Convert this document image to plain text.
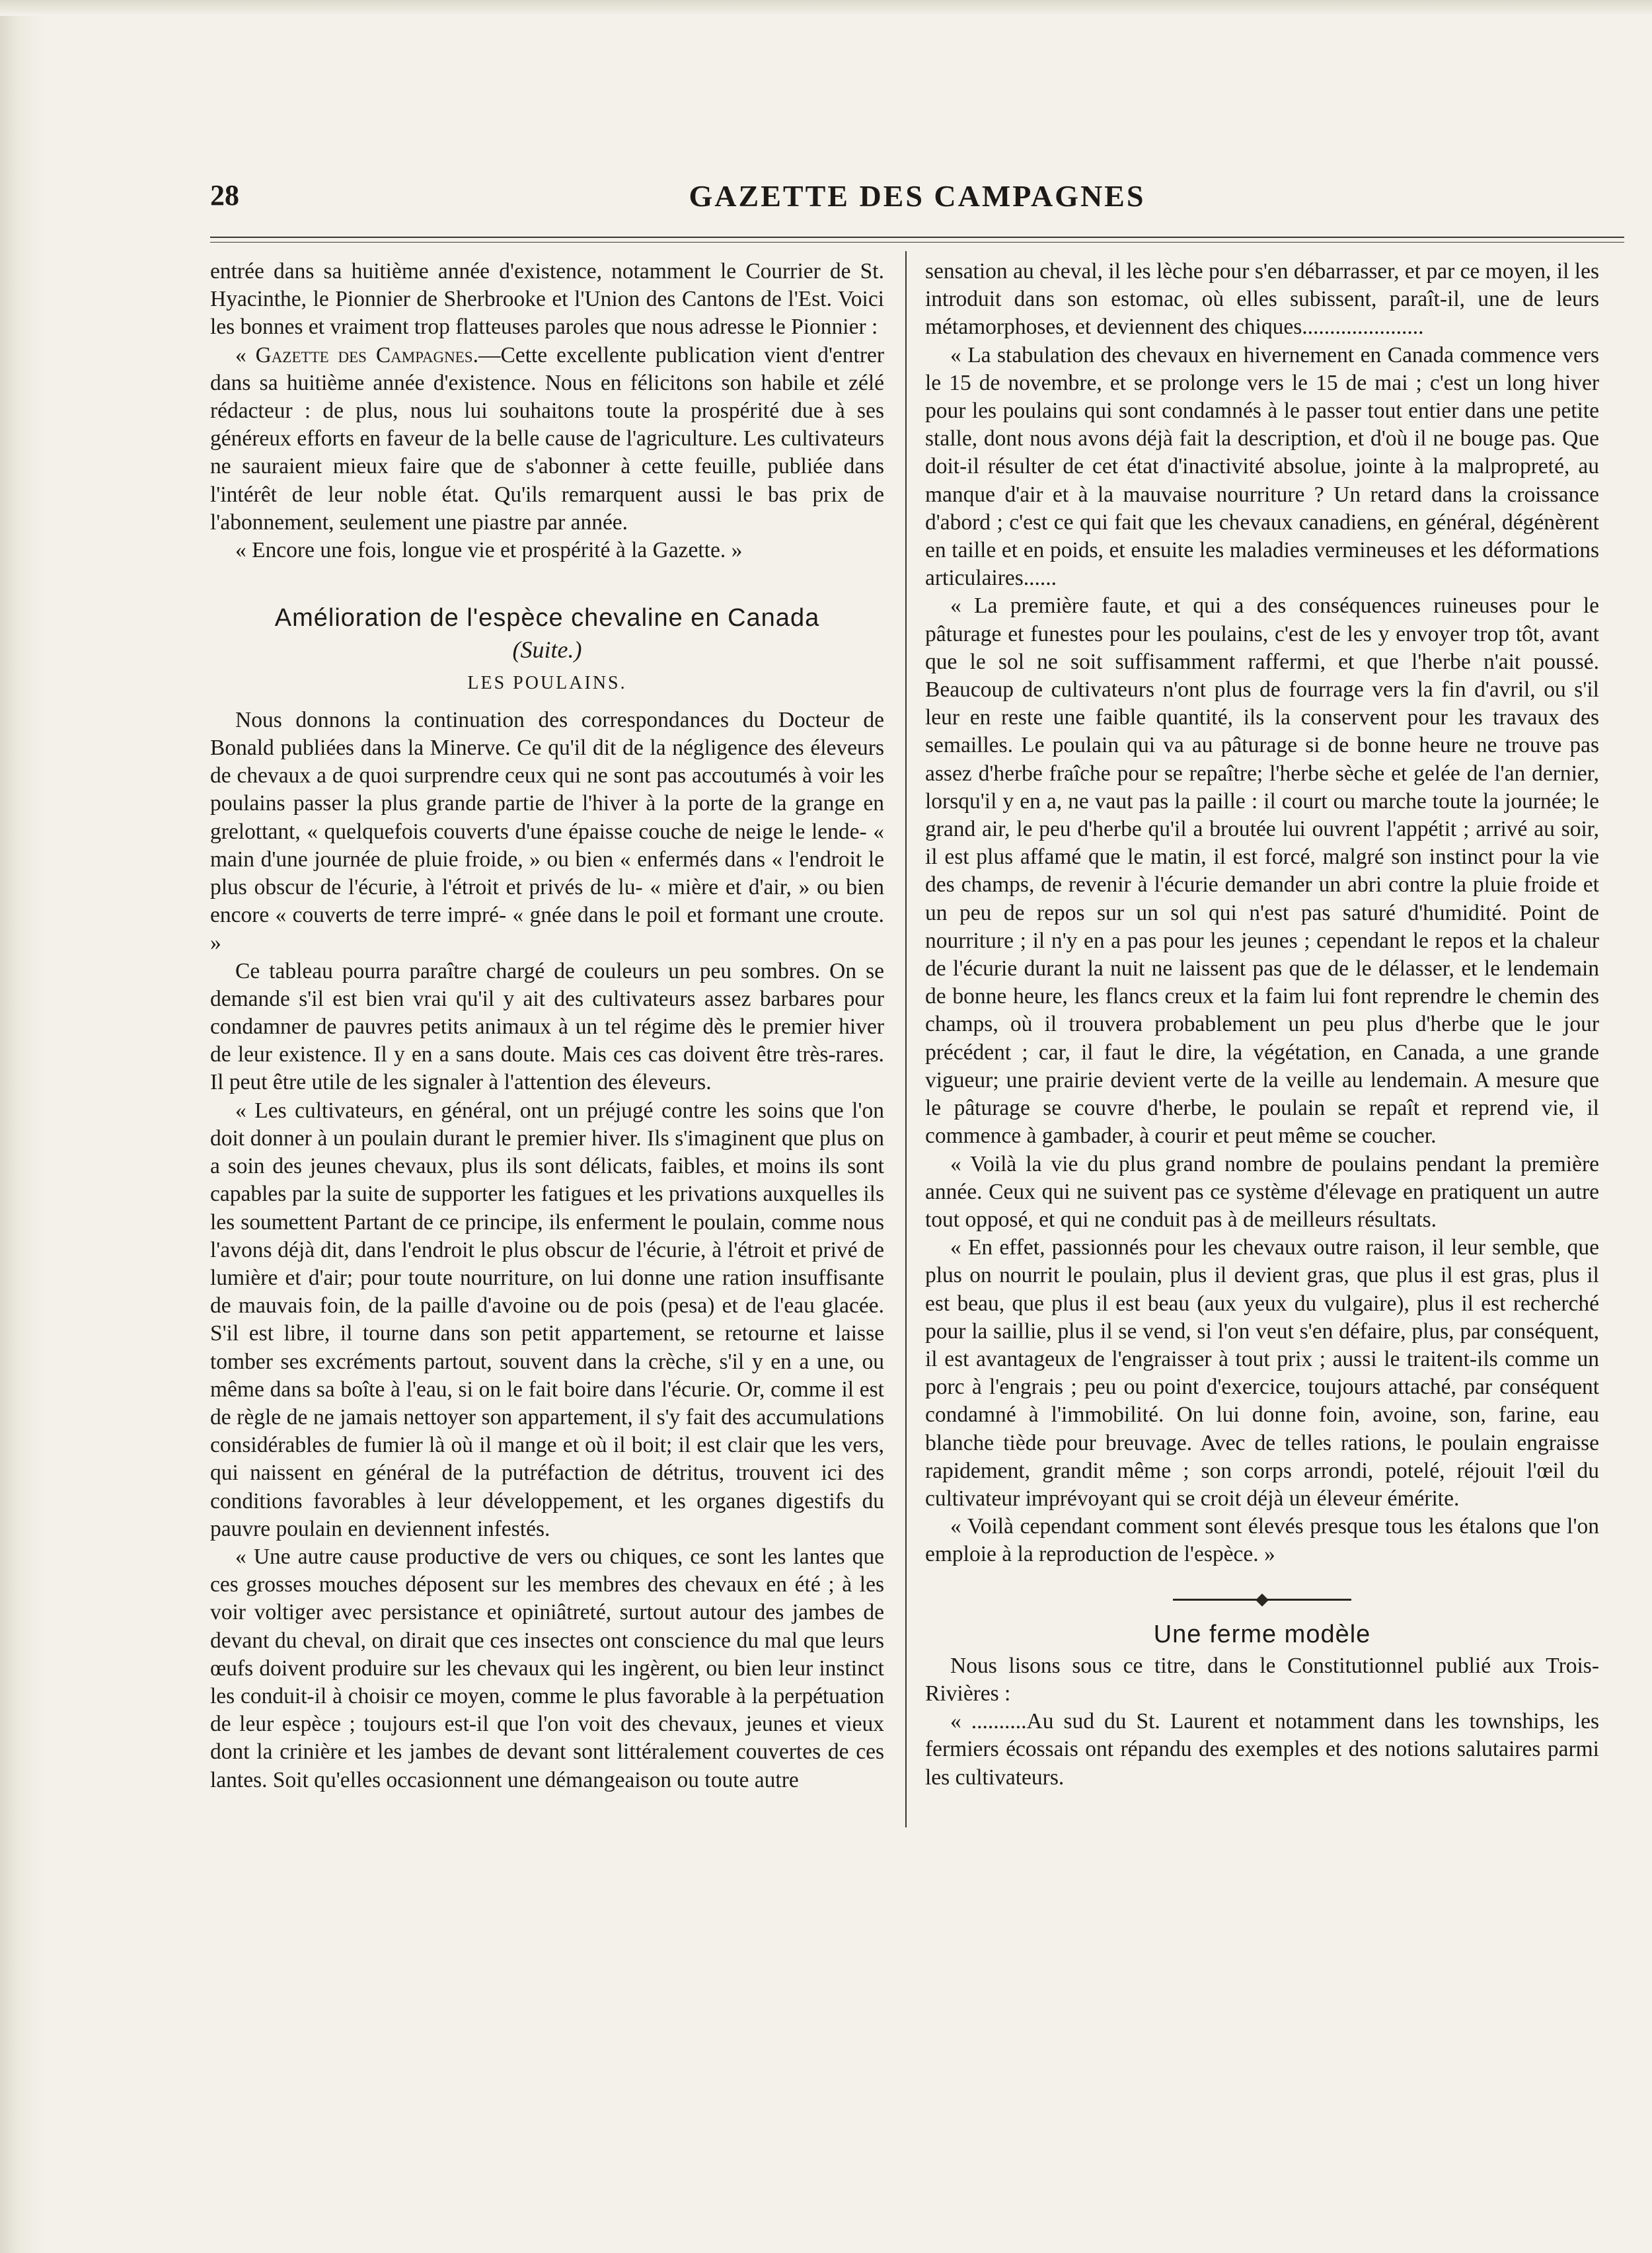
28	GAZETTE DES CAMPAGNES

entrée dans sa huitième année d'existence, notamment le Courrier de St. Hyacinthe, le Pionnier de Sherbrooke et l'Union des Cantons de l'Est. Voici les bonnes et vraiment trop flatteuses paroles que nous adresse le Pionnier :

« Gazette des Campagnes.—Cette excellente publication vient d'entrer dans sa huitième année d'existence. Nous en félicitons son habile et zélé rédacteur : de plus, nous lui souhaitons toute la prospérité due à ses généreux efforts en faveur de la belle cause de l'agriculture. Les cultivateurs ne sauraient mieux faire que de s'abonner à cette feuille, publiée dans l'intérêt de leur noble état. Qu'ils remarquent aussi le bas prix de l'abonnement, seulement une piastre par année.

« Encore une fois, longue vie et prospérité à la Gazette. »

Amélioration de l'espèce chevaline en Canada
(Suite.)
LES POULAINS.

Nous donnons la continuation des correspondances du Docteur de Bonald publiées dans la Minerve. Ce qu'il dit de la négligence des éleveurs de chevaux a de quoi surprendre ceux qui ne sont pas accoutumés à voir les poulains passer la plus grande partie de l'hiver à la porte de la grange en grelottant, « quelquefois couverts d'une épaisse couche de neige le lende- « main d'une journée de pluie froide, » ou bien « enfermés dans « l'endroit le plus obscur de l'écurie, à l'étroit et privés de lu- « mière et d'air, » ou bien encore « couverts de terre impré- « gnée dans le poil et formant une croute. »

Ce tableau pourra paraître chargé de couleurs un peu sombres. On se demande s'il est bien vrai qu'il y ait des cultivateurs assez barbares pour condamner de pauvres petits animaux à un tel régime dès le premier hiver de leur existence. Il y en a sans doute. Mais ces cas doivent être très-rares. Il peut être utile de les signaler à l'attention des éleveurs.

« Les cultivateurs, en général, ont un préjugé contre les soins que l'on doit donner à un poulain durant le premier hiver. Ils s'imaginent que plus on a soin des jeunes chevaux, plus ils sont délicats, faibles, et moins ils sont capables par la suite de supporter les fatigues et les privations auxquelles ils les soumettent Partant de ce principe, ils enferment le poulain, comme nous l'avons déjà dit, dans l'endroit le plus obscur de l'écurie, à l'étroit et privé de lumière et d'air; pour toute nourriture, on lui donne une ration insuffisante de mauvais foin, de la paille d'avoine ou de pois (pesa) et de l'eau glacée. S'il est libre, il tourne dans son petit appartement, se retourne et laisse tomber ses excréments partout, souvent dans la crèche, s'il y en a une, ou même dans sa boîte à l'eau, si on le fait boire dans l'écurie. Or, comme il est de règle de ne jamais nettoyer son appartement, il s'y fait des accumulations considérables de fumier là où il mange et où il boit; il est clair que les vers, qui naissent en général de la putréfaction de détritus, trouvent ici des conditions favorables à leur développement, et les organes digestifs du pauvre poulain en deviennent infestés.

« Une autre cause productive de vers ou chiques, ce sont les lantes que ces grosses mouches déposent sur les membres des chevaux en été ; à les voir voltiger avec persistance et opiniâtreté, surtout autour des jambes de devant du cheval, on dirait que ces insectes ont conscience du mal que leurs œufs doivent produire sur les chevaux qui les ingèrent, ou bien leur instinct les conduit-il à choisir ce moyen, comme le plus favorable à la perpétuation de leur espèce ; toujours est-il que l'on voit des chevaux, jeunes et vieux dont la crinière et les jambes de devant sont littéralement couvertes de ces lantes. Soit qu'elles occasionnent une démangeaison ou toute autre

sensation au cheval, il les lèche pour s'en débarrasser, et par ce moyen, il les introduit dans son estomac, où elles subissent, paraît-il, une de leurs métamorphoses, et deviennent des chiques......................

« La stabulation des chevaux en hivernement en Canada commence vers le 15 de novembre, et se prolonge vers le 15 de mai ; c'est un long hiver pour les poulains qui sont condamnés à le passer tout entier dans une petite stalle, dont nous avons déjà fait la description, et d'où il ne bouge pas. Que doit-il résulter de cet état d'inactivité absolue, jointe à la malpropreté, au manque d'air et à la mauvaise nourriture ? Un retard dans la croissance d'abord ; c'est ce qui fait que les chevaux canadiens, en général, dégénèrent en taille et en poids, et ensuite les maladies vermineuses et les déformations articulaires......

« La première faute, et qui a des conséquences ruineuses pour le pâturage et funestes pour les poulains, c'est de les y envoyer trop tôt, avant que le sol ne soit suffisamment raffermi, et que l'herbe n'ait poussé. Beaucoup de cultivateurs n'ont plus de fourrage vers la fin d'avril, ou s'il leur en reste une faible quantité, ils la conservent pour les travaux des semailles. Le poulain qui va au pâturage si de bonne heure ne trouve pas assez d'herbe fraîche pour se repaître; l'herbe sèche et gelée de l'an dernier, lorsqu'il y en a, ne vaut pas la paille : il court ou marche toute la journée; le grand air, le peu d'herbe qu'il a broutée lui ouvrent l'appétit ; arrivé au soir, il est plus affamé que le matin, il est forcé, malgré son instinct pour la vie des champs, de revenir à l'écurie demander un abri contre la pluie froide et un peu de repos sur un sol qui n'est pas saturé d'humidité. Point de nourriture ; il n'y en a pas pour les jeunes ; cependant le repos et la chaleur de l'écurie durant la nuit ne laissent pas que de le délasser, et le lendemain de bonne heure, les flancs creux et la faim lui font reprendre le chemin des champs, où il trouvera probablement un peu plus d'herbe que le jour précédent ; car, il faut le dire, la végétation, en Canada, a une grande vigueur; une prairie devient verte de la veille au lendemain. A mesure que le pâturage se couvre d'herbe, le poulain se repaît et reprend vie, il commence à gambader, à courir et peut même se coucher.

« Voilà la vie du plus grand nombre de poulains pendant la première année. Ceux qui ne suivent pas ce système d'élevage en pratiquent un autre tout opposé, et qui ne conduit pas à de meilleurs résultats.

« En effet, passionnés pour les chevaux outre raison, il leur semble, que plus on nourrit le poulain, plus il devient gras, que plus il est gras, plus il est beau, que plus il est beau (aux yeux du vulgaire), plus il est recherché pour la saillie, plus il se vend, si l'on veut s'en défaire, plus, par conséquent, il est avantageux de l'engraisser à tout prix ; aussi le traitent-ils comme un porc à l'engrais ; peu ou point d'exercice, toujours attaché, par conséquent condamné à l'immobilité. On lui donne foin, avoine, son, farine, eau blanche tiède pour breuvage. Avec de telles rations, le poulain engraisse rapidement, grandit même ; son corps arrondi, potelé, réjouit l'œil du cultivateur imprévoyant qui se croit déjà un éleveur émérite.

« Voilà cependant comment sont élevés presque tous les étalons que l'on emploie à la reproduction de l'espèce. »

Une ferme modèle

Nous lisons sous ce titre, dans le Constitutionnel publié aux Trois-Rivières :

« ..........Au sud du St. Laurent et notamment dans les townships, les fermiers écossais ont répandu des exemples et des notions salutaires parmi les cultivateurs.
